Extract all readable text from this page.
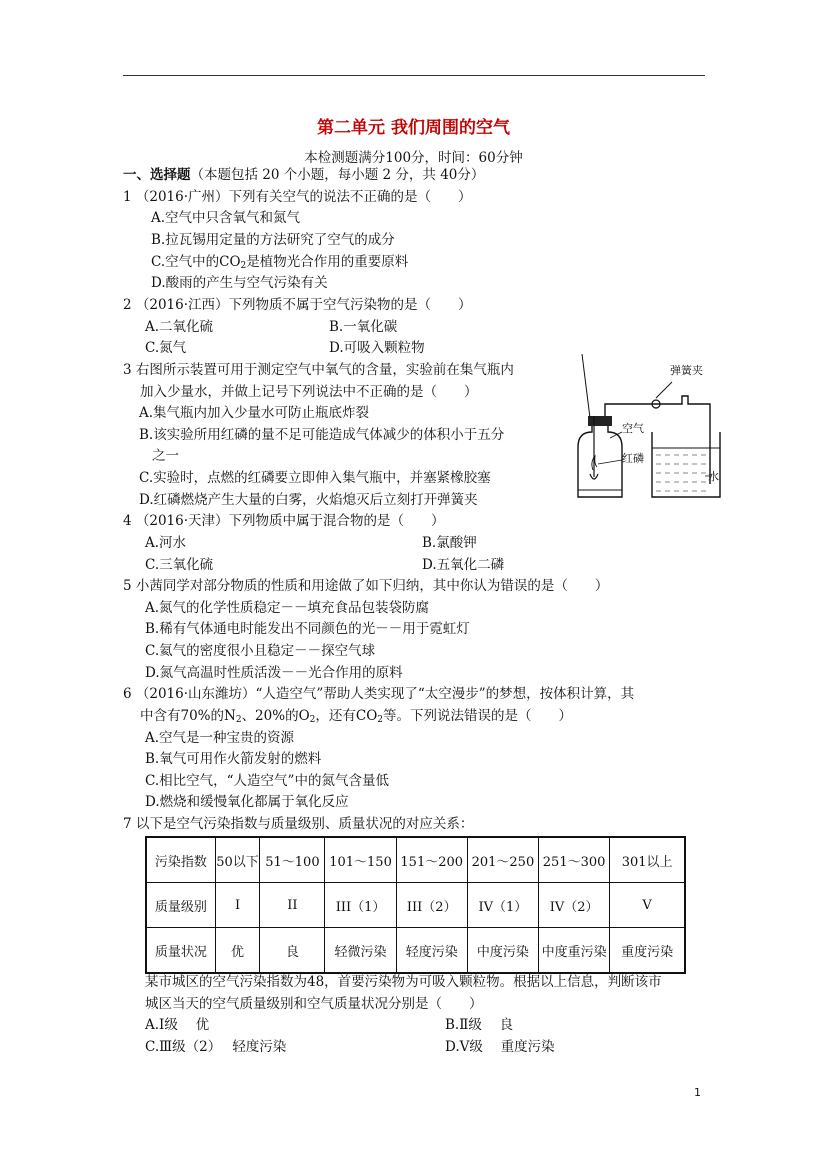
第二单元 我们周围的空气
本检测题满分100分，时间：60分钟
一、选择题（本题包括 20 个小题，每小题 2 分，共 40分）
1 （2016·广州）下列有关空气的说法不正确的是（　　）
A.空气中只含氧气和氮气
B.拉瓦锡用定量的方法研究了空气的成分
C.空气中的$CO_2$是植物光合作用的重要原料
D.酸雨的产生与空气污染有关
2 （2016·江西）下列物质不属于空气污染物的是（　　）
A.二氧化硫	B.一氧化碳
C.氮气	D.可吸入颗粒物
3 右图所示装置可用于测定空气中氧气的含量，实验前在集气瓶内
加入少量水，并做上记号下列说法中不正确的是（　　）
A.集气瓶内加入少量水可防止瓶底炸裂
B.该实验所用红磷的量不足可能造成气体减少的体积小于五分
之一
C.实验时，点燃的红磷要立即伸入集气瓶中，并塞紧橡胶塞
D.红磷燃烧产生大量的白雾，火焰熄灭后立刻打开弹簧夹
弹簧夹
空气
红磷
水
4 （2016·天津）下列物质中属于混合物的是（　　）
A.河水	B.氯酸钾
C.三氧化硫	D.五氧化二磷
5 小茜同学对部分物质的性质和用途做了如下归纳，其中你认为错误的是（　　）
A.氮气的化学性质稳定－－填充食品包装袋防腐
B.稀有气体通电时能发出不同颜色的光－－用于霓虹灯
C.氦气的密度很小且稳定－－探空气球
D.氮气高温时性质活泼－－光合作用的原料
6 （2016·山东潍坊）“人造空气”帮助人类实现了“太空漫步”的梦想，按体积计算，其
中含有70%的$N_2$、20%的$O_2$，还有$CO_2$等。下列说法错误的是（　　）
A.空气是一种宝贵的资源
B.氧气可用作火箭发射的燃料
C.相比空气，“人造空气”中的氮气含量低
D.燃烧和缓慢氧化都属于氧化反应
7 以下是空气污染指数与质量级别、质量状况的对应关系：
污染指数	50以下	51～100	101～150	151～200	201～250	251～300	301以上
质量级别	I	II	III（1）	III（2）	IV（1）	IV（2）	V
质量状况	优	良	轻微污染	轻度污染	中度污染	中度重污染	重度污染
某市城区的空气污染指数为48，首要污染物为可吸入颗粒物。根据以上信息，判断该市
城区当天的空气质量级别和空气质量状况分别是（　　）
A.Ⅰ级　 优	B.Ⅱ级　 良
C.Ⅲ级（2）　 轻度污染	D.Ⅴ级　 重度污染
1
